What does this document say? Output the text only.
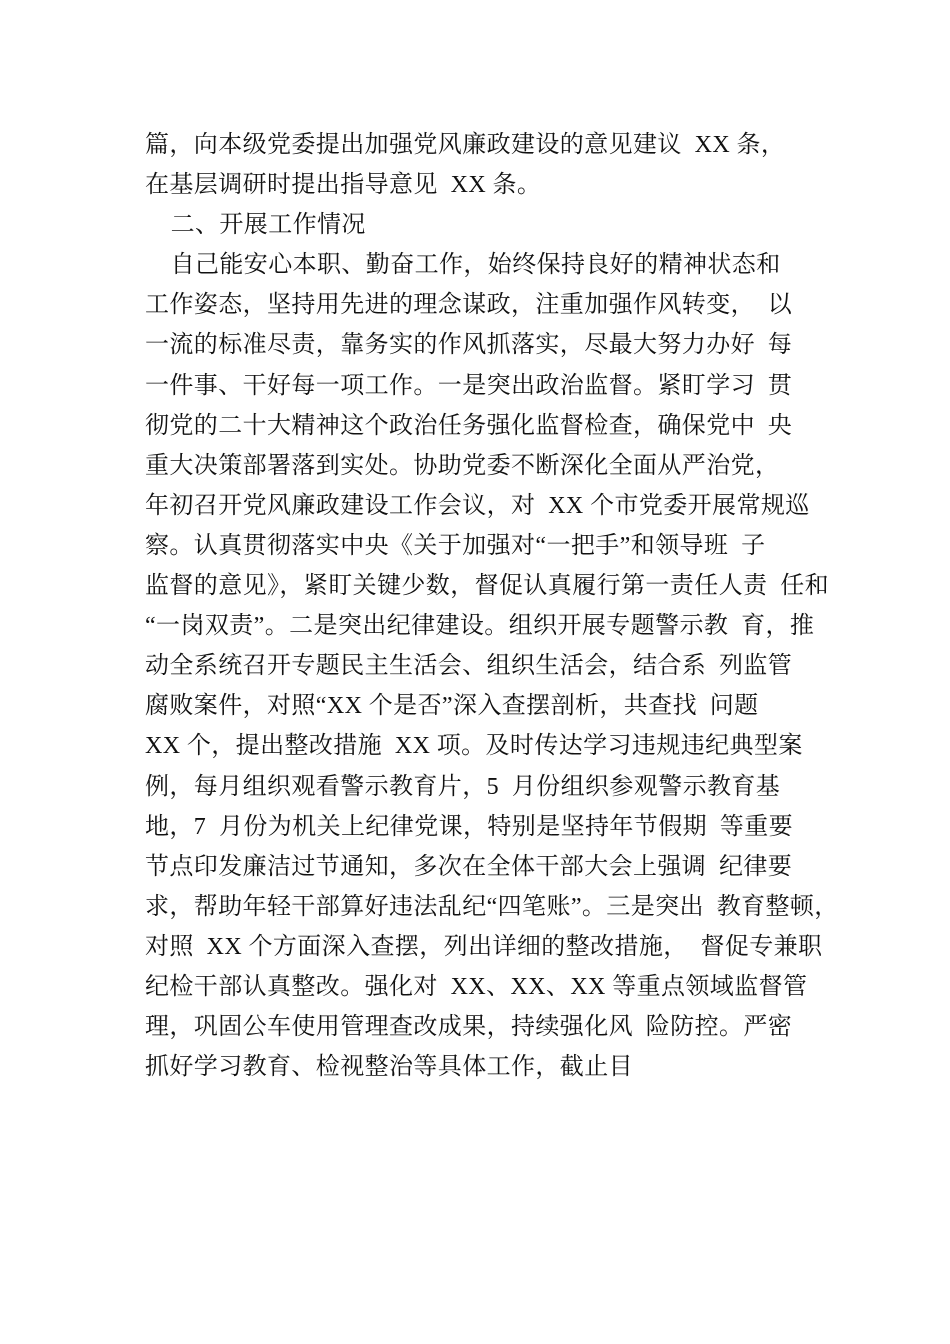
篇，向本级党委提出加强党风廉政建设的意见建议  XX 条，
在基层调研时提出指导意见  XX 条。
二、开展工作情况
自己能安心本职、勤奋工作，始终保持良好的精神状态和
工作姿态，坚持用先进的理念谋政，注重加强作风转变，  以
一流的标准尽责，靠务实的作风抓落实，尽最大努力办好  每
一件事、干好每一项工作。一是突出政治监督。紧盯学习  贯
彻党的二十大精神这个政治任务强化监督检查，确保党中  央
重大决策部署落到实处。协助党委不断深化全面从严治党，
年初召开党风廉政建设工作会议，对  XX 个市党委开展常规巡
察。认真贯彻落实中央《关于加强对“一把手”和领导班  子
监督的意见》，紧盯关键少数，督促认真履行第一责任人责  任和
“一岗双责”。二是突出纪律建设。组织开展专题警示教  育，推
动全系统召开专题民主生活会、组织生活会，结合系  列监管
腐败案件，对照“XX 个是否”深入查摆剖析，共查找  问题
XX 个，提出整改措施  XX 项。及时传达学习违规违纪典型案
例，每月组织观看警示教育片，5  月份组织参观警示教育基
地，7  月份为机关上纪律党课，特别是坚持年节假期  等重要
节点印发廉洁过节通知，多次在全体干部大会上强调  纪律要
求，帮助年轻干部算好违法乱纪“四笔账”。三是突出  教育整顿，
对照  XX 个方面深入查摆，列出详细的整改措施，  督促专兼职
纪检干部认真整改。强化对  XX、XX、XX 等重点领域监督管
理，巩固公车使用管理查改成果，持续强化风  险防控。严密
抓好学习教育、检视整治等具体工作，截止目
